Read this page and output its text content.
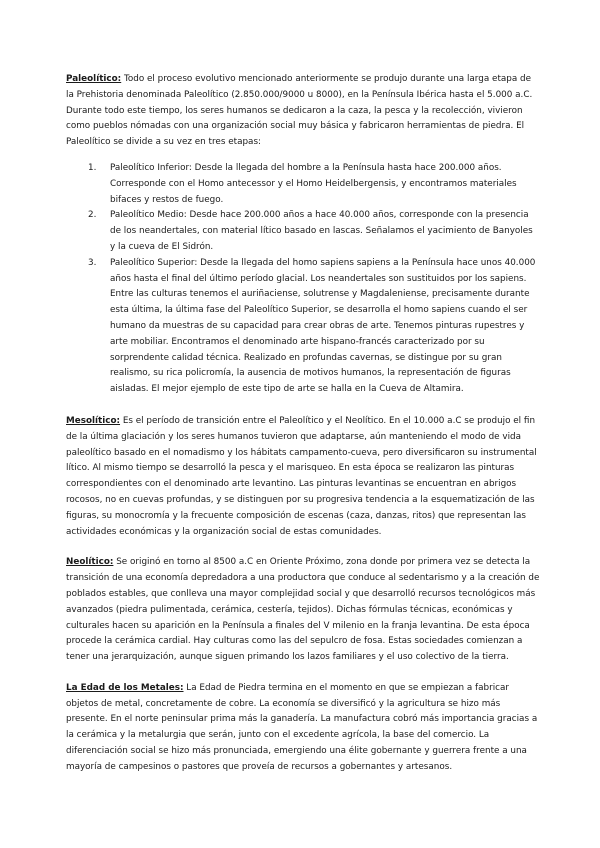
Paleolítico: Todo el proceso evolutivo mencionado anteriormente se produjo durante una larga etapa de la Prehistoria denominada Paleolítico (2.850.000/9000 u 8000), en la Península Ibérica hasta el 5.000 a.C. Durante todo este tiempo, los seres humanos se dedicaron a la caza, la pesca y la recolección, vivieron como pueblos nómadas con una organización social muy básica y fabricaron herramientas de piedra. El Paleolítico se divide a su vez en tres etapas:

1. Paleolítico Inferior: Desde la llegada del hombre a la Península hasta hace 200.000 años. Corresponde con el Homo antecessor y el Homo Heidelbergensis, y encontramos materiales bifaces y restos de fuego.
2. Paleolítico Medio: Desde hace 200.000 años a hace 40.000 años, corresponde con la presencia de los neandertales, con material lítico basado en lascas. Señalamos el yacimiento de Banyoles y la cueva de El Sidrón.
3. Paleolítico Superior: Desde la llegada del homo sapiens sapiens a la Península hace unos 40.000 años hasta el final del último período glacial. Los neandertales son sustituidos por los sapiens. Entre las culturas tenemos el auriñaciense, solutrense y Magdaleniense, precisamente durante esta última, la última fase del Paleolítico Superior, se desarrolla el homo sapiens cuando el ser humano da muestras de su capacidad para crear obras de arte. Tenemos pinturas rupestres y arte mobiliar. Encontramos el denominado arte hispano-francés caracterizado por su sorprendente calidad técnica. Realizado en profundas cavernas, se distingue por su gran realismo, su rica policromía, la ausencia de motivos humanos, la representación de figuras aisladas. El mejor ejemplo de este tipo de arte se halla en la Cueva de Altamira.

Mesolítico: Es el período de transición entre el Paleolítico y el Neolítico. En el 10.000 a.C se produjo el fin de la última glaciación y los seres humanos tuvieron que adaptarse, aún manteniendo el modo de vida paleolítico basado en el nomadismo y los hábitats campamento-cueva, pero diversificaron su instrumental lítico. Al mismo tiempo se desarrolló la pesca y el marisqueo. En esta época se realizaron las pinturas correspondientes con el denominado arte levantino. Las pinturas levantinas se encuentran en abrigos rocosos, no en cuevas profundas, y se distinguen por su progresiva tendencia a la esquematización de las figuras, su monocromía y la frecuente composición de escenas (caza, danzas, ritos) que representan las actividades económicas y la organización social de estas comunidades.

Neolítico: Se originó en torno al 8500 a.C en Oriente Próximo, zona donde por primera vez se detecta la transición de una economía depredadora a una productora que conduce al sedentarismo y a la creación de poblados estables, que conlleva una mayor complejidad social y que desarrolló recursos tecnológicos más avanzados (piedra pulimentada, cerámica, cestería, tejidos). Dichas fórmulas técnicas, económicas y culturales hacen su aparición en la Península a finales del V milenio en la franja levantina. De esta época procede la cerámica cardial. Hay culturas como las del sepulcro de fosa. Estas sociedades comienzan a tener una jerarquización, aunque siguen primando los lazos familiares y el uso colectivo de la tierra.

La Edad de los Metales: La Edad de Piedra termina en el momento en que se empiezan a fabricar objetos de metal, concretamente de cobre. La economía se diversificó y la agricultura se hizo más presente. En el norte peninsular prima más la ganadería. La manufactura cobró más importancia gracias a la cerámica y la metalurgia que serán, junto con el excedente agrícola, la base del comercio. La diferenciación social se hizo más pronunciada, emergiendo una élite gobernante y guerrera frente a una mayoría de campesinos o pastores que proveía de recursos a gobernantes y artesanos.
